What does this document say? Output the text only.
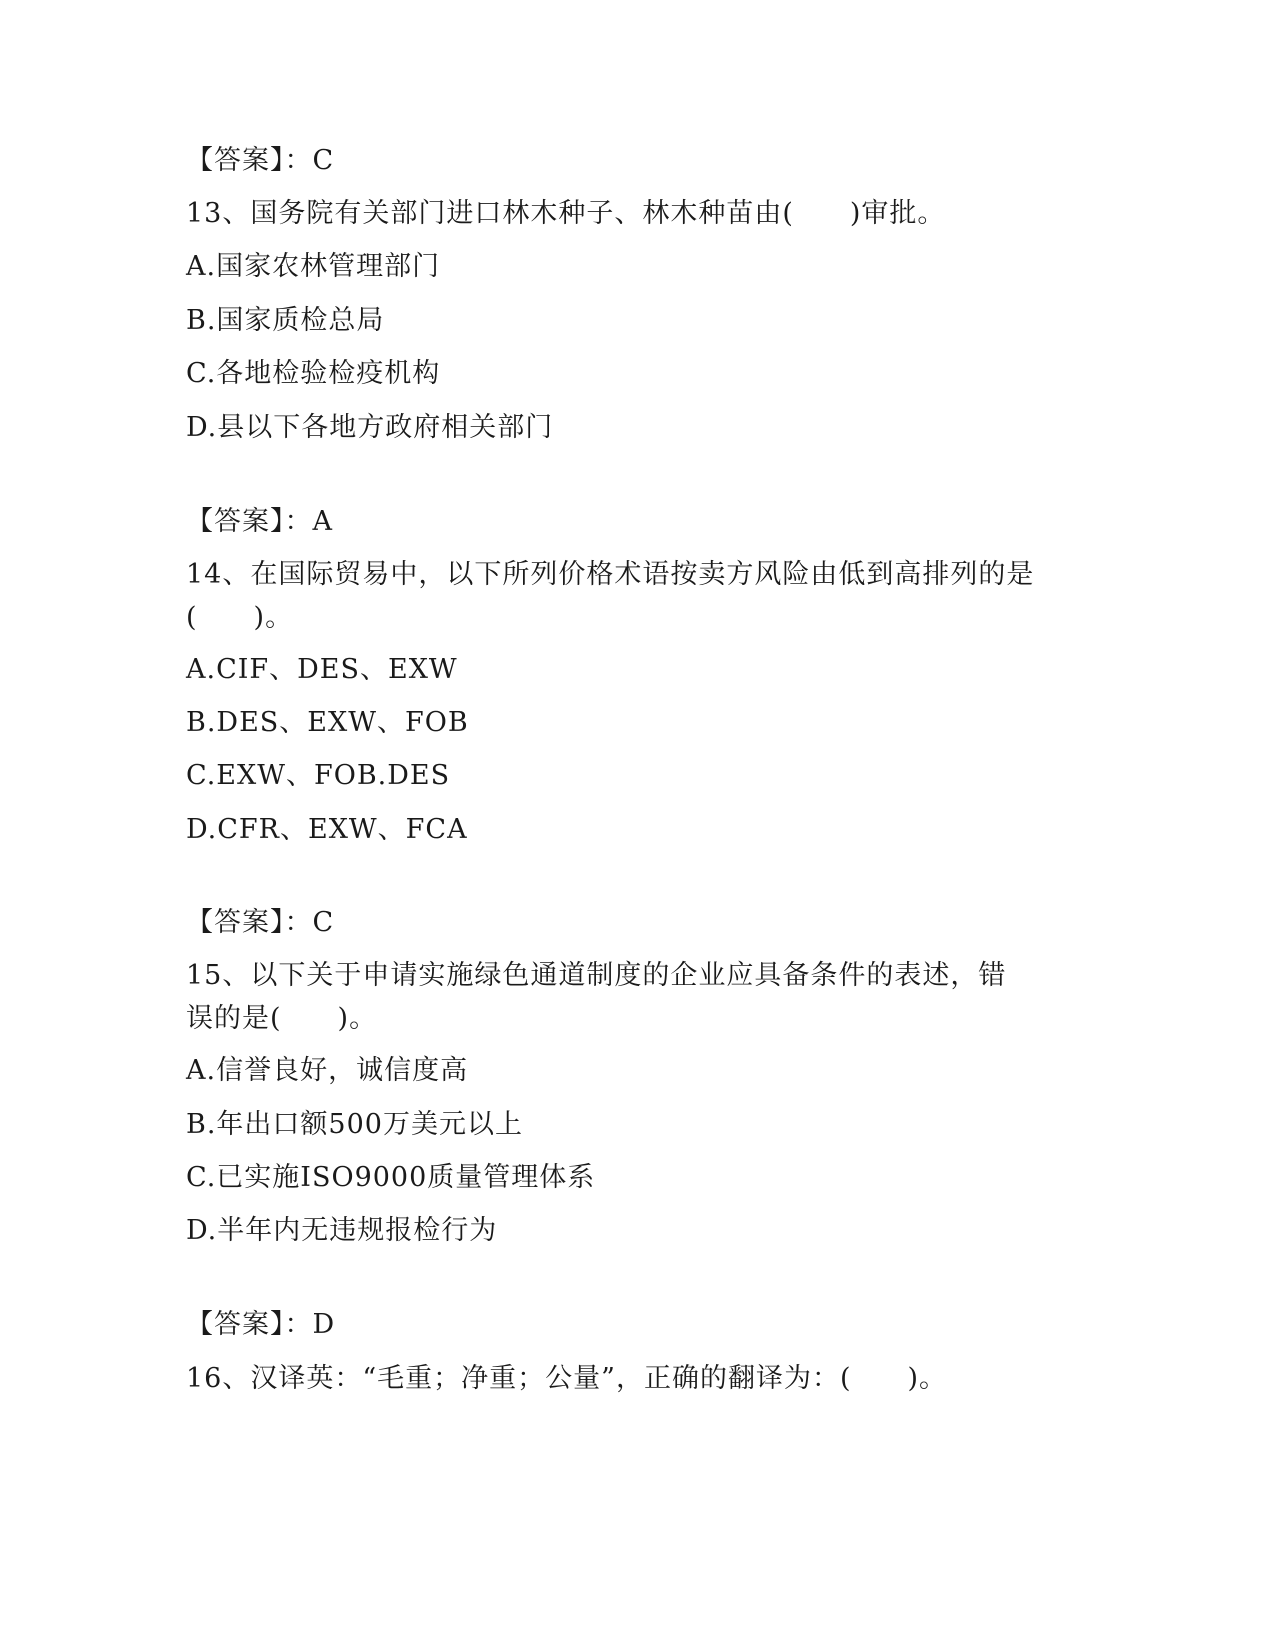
【答案】：C
13、国务院有关部门进口林木种子、林木种苗由(　　)审批。
A.国家农林管理部门
B.国家质检总局
C.各地检验检疫机构
D.县以下各地方政府相关部门
【答案】：A
14、在国际贸易中，以下所列价格术语按卖方风险由低到高排列的是(　　)。
A.CIF、DES、EXW
B.DES、EXW、FOB
C.EXW、FOB.DES
D.CFR、EXW、FCA
【答案】：C
15、以下关于申请实施绿色通道制度的企业应具备条件的表述，错误的是(　　)。
A.信誉良好，诚信度高
B.年出口额500万美元以上
C.已实施ISO9000质量管理体系
D.半年内无违规报检行为
【答案】：D
16、汉译英：“毛重；净重；公量”，正确的翻译为：(　　)。
